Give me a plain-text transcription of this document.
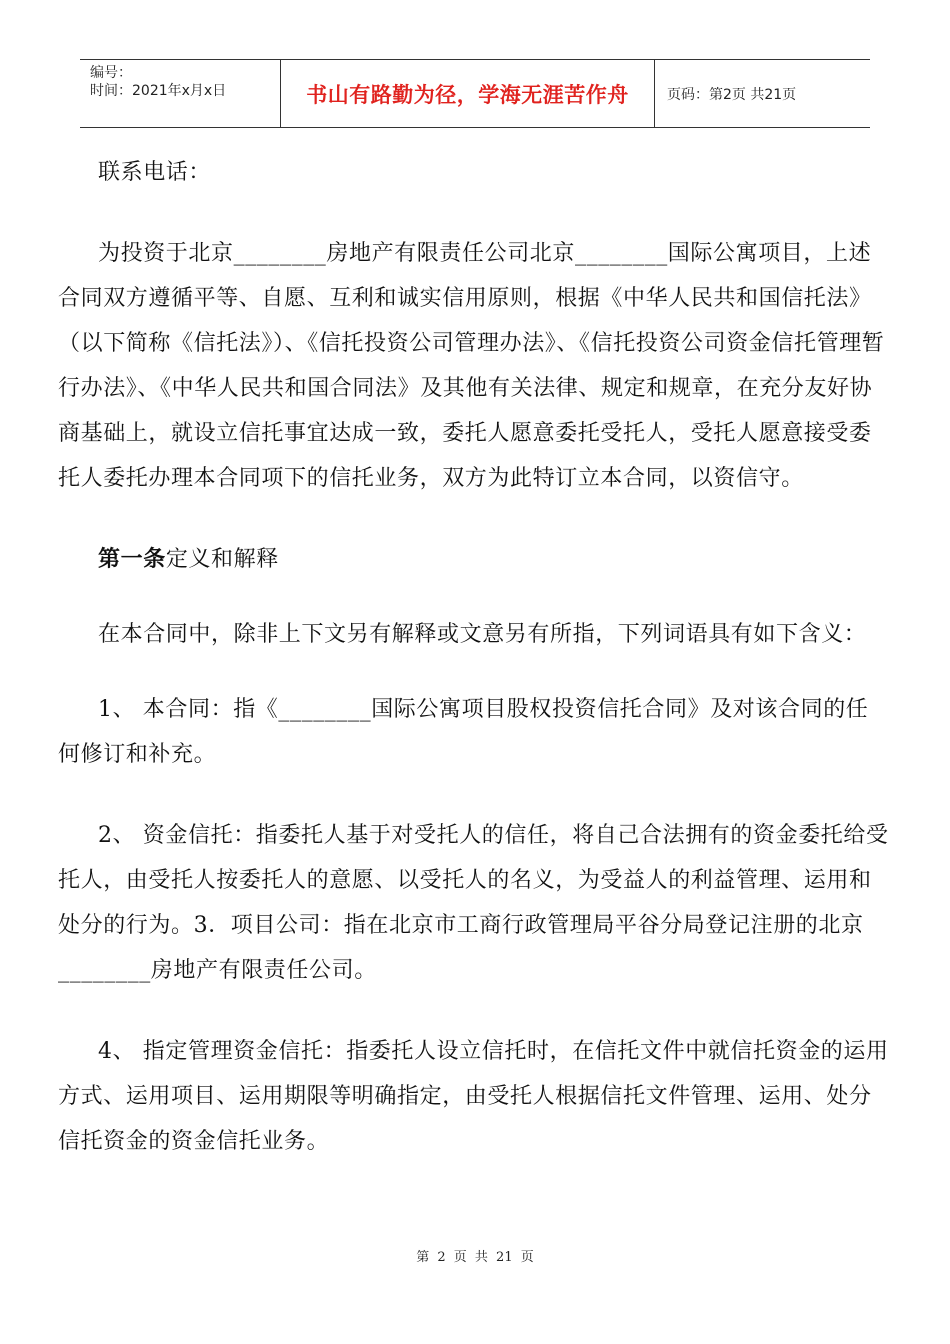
编号：
时间：2021年x月x日	书山有路勤为径，学海无涯苦作舟	页码：第2页 共21页

联系电话：

为投资于北京________房地产有限责任公司北京________国际公寓项目，上述合同双方遵循平等、自愿、互利和诚实信用原则，根据《中华人民共和国信托法》（以下简称《信托法》）、《信托投资公司管理办法》、《信托投资公司资金信托管理暂行办法》、《中华人民共和国合同法》及其他有关法律、规定和规章，在充分友好协商基础上，就设立信托事宜达成一致，委托人愿意委托受托人，受托人愿意接受委托人委托办理本合同项下的信托业务，双方为此特订立本合同，以资信守。

第一条定义和解释

在本合同中，除非上下文另有解释或文意另有所指，下列词语具有如下含义：

1、 本合同：指《________国际公寓项目股权投资信托合同》及对该合同的任何修订和补充。

2、 资金信托：指委托人基于对受托人的信任，将自己合法拥有的资金委托给受托人，由受托人按委托人的意愿、以受托人的名义，为受益人的利益管理、运用和处分的行为。3．项目公司：指在北京市工商行政管理局平谷分局登记注册的北京________房地产有限责任公司。

4、 指定管理资金信托：指委托人设立信托时，在信托文件中就信托资金的运用方式、运用项目、运用期限等明确指定，由受托人根据信托文件管理、运用、处分信托资金的资金信托业务。

第 2 页 共 21 页
